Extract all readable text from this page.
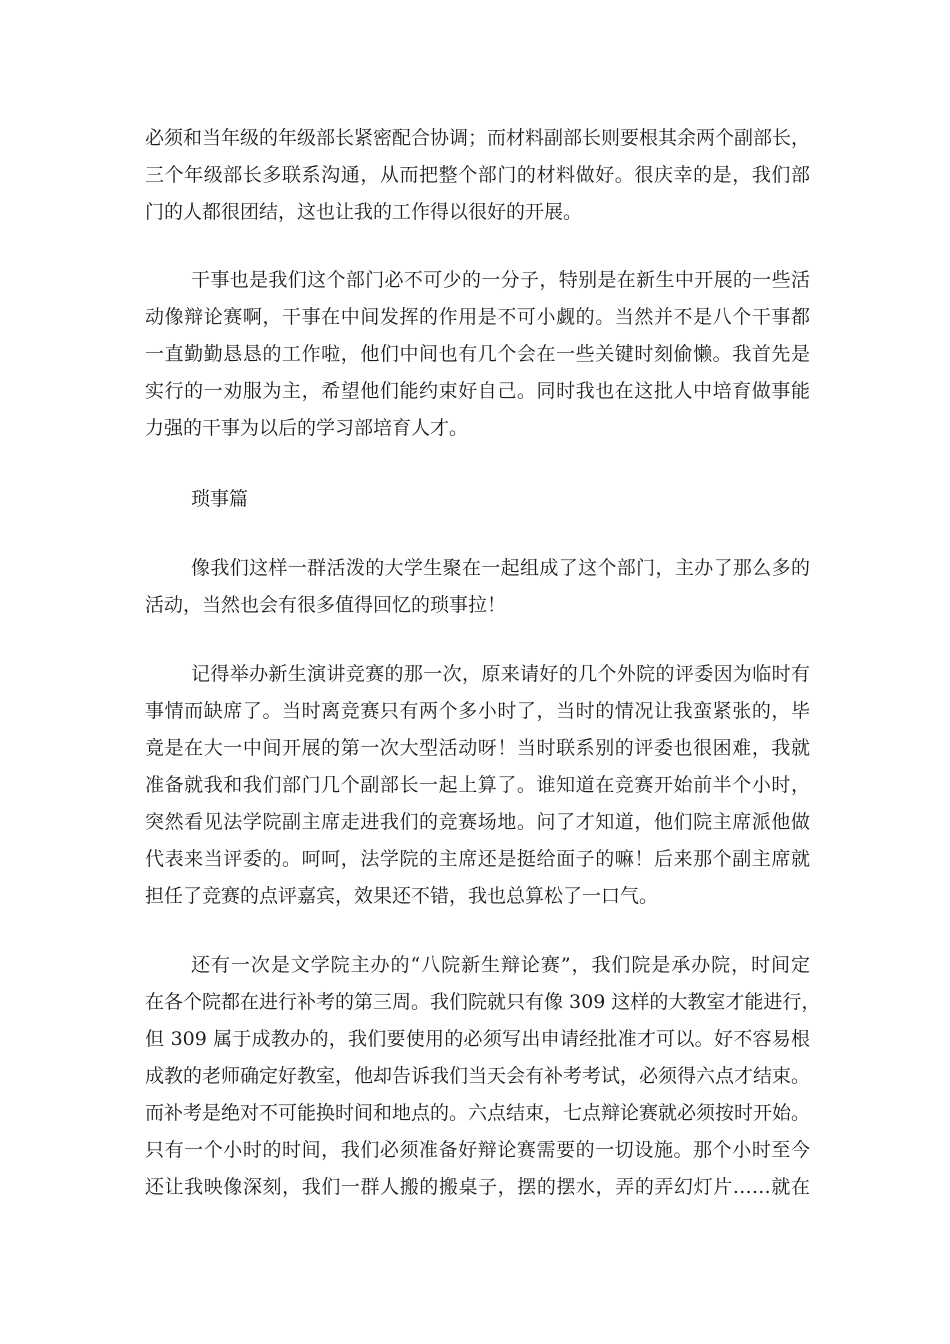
必须和当年级的年级部长紧密配合协调；而材料副部长则要根其余两个副部长，
三个年级部长多联系沟通，从而把整个部门的材料做好。很庆幸的是，我们部
门的人都很团结，这也让我的工作得以很好的开展。
干事也是我们这个部门必不可少的一分子，特别是在新生中开展的一些活
动像辩论赛啊，干事在中间发挥的作用是不可小觑的。当然并不是八个干事都
一直勤勤恳恳的工作啦，他们中间也有几个会在一些关键时刻偷懒。我首先是
实行的一劝服为主，希望他们能约束好自己。同时我也在这批人中培育做事能
力强的干事为以后的学习部培育人才。
琐事篇
像我们这样一群活泼的大学生聚在一起组成了这个部门，主办了那么多的
活动，当然也会有很多值得回忆的琐事拉！
记得举办新生演讲竞赛的那一次，原来请好的几个外院的评委因为临时有
事情而缺席了。当时离竞赛只有两个多小时了，当时的情况让我蛮紧张的，毕
竟是在大一中间开展的第一次大型活动呀！当时联系别的评委也很困难，我就
准备就我和我们部门几个副部长一起上算了。谁知道在竞赛开始前半个小时，
突然看见法学院副主席走进我们的竞赛场地。问了才知道，他们院主席派他做
代表来当评委的。呵呵，法学院的主席还是挺给面子的嘛！后来那个副主席就
担任了竞赛的点评嘉宾，效果还不错，我也总算松了一口气。
还有一次是文学院主办的“八院新生辩论赛”，我们院是承办院，时间定
在各个院都在进行补考的第三周。我们院就只有像 309 这样的大教室才能进行，
但 309 属于成教办的，我们要使用的必须写出申请经批准才可以。好不容易根
成教的老师确定好教室，他却告诉我们当天会有补考考试，必须得六点才结束。
而补考是绝对不可能换时间和地点的。六点结束，七点辩论赛就必须按时开始。
只有一个小时的时间，我们必须准备好辩论赛需要的一切设施。那个小时至今
还让我映像深刻，我们一群人搬的搬桌子，摆的摆水，弄的弄幻灯片……就在
